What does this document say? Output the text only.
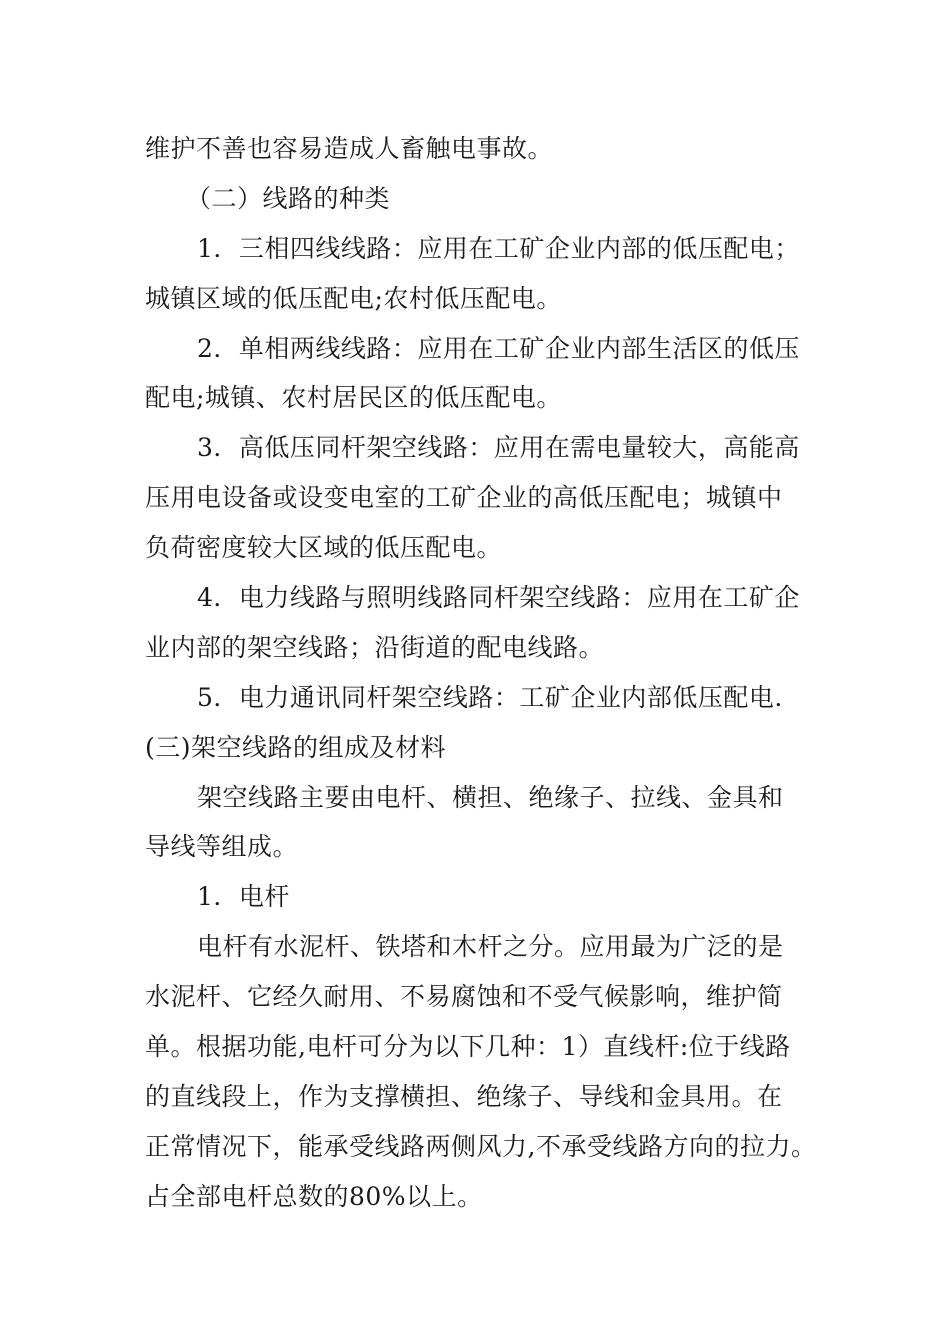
维护不善也容易造成人畜触电事故。
（二）线路的种类
1．三相四线线路：应用在工矿企业内部的低压配电；
城镇区域的低压配电;农村低压配电。
2．单相两线线路：应用在工矿企业内部生活区的低压
配电;城镇、农村居民区的低压配电。
3．高低压同杆架空线路：应用在需电量较大，高能高
压用电设备或设变电室的工矿企业的高低压配电；城镇中
负荷密度较大区域的低压配电。
4．电力线路与照明线路同杆架空线路：应用在工矿企
业内部的架空线路；沿街道的配电线路。
5．电力通讯同杆架空线路：工矿企业内部低压配电.
(三)架空线路的组成及材料
架空线路主要由电杆、横担、绝缘子、拉线、金具和
导线等组成。
1．电杆
电杆有水泥杆、铁塔和木杆之分。应用最为广泛的是
水泥杆、它经久耐用、不易腐蚀和不受气候影响，维护简
单。根据功能,电杆可分为以下几种：1）直线杆:位于线路
的直线段上，作为支撑横担、绝缘子、导线和金具用。在
正常情况下，能承受线路两侧风力,不承受线路方向的拉力。
占全部电杆总数的80%以上。
